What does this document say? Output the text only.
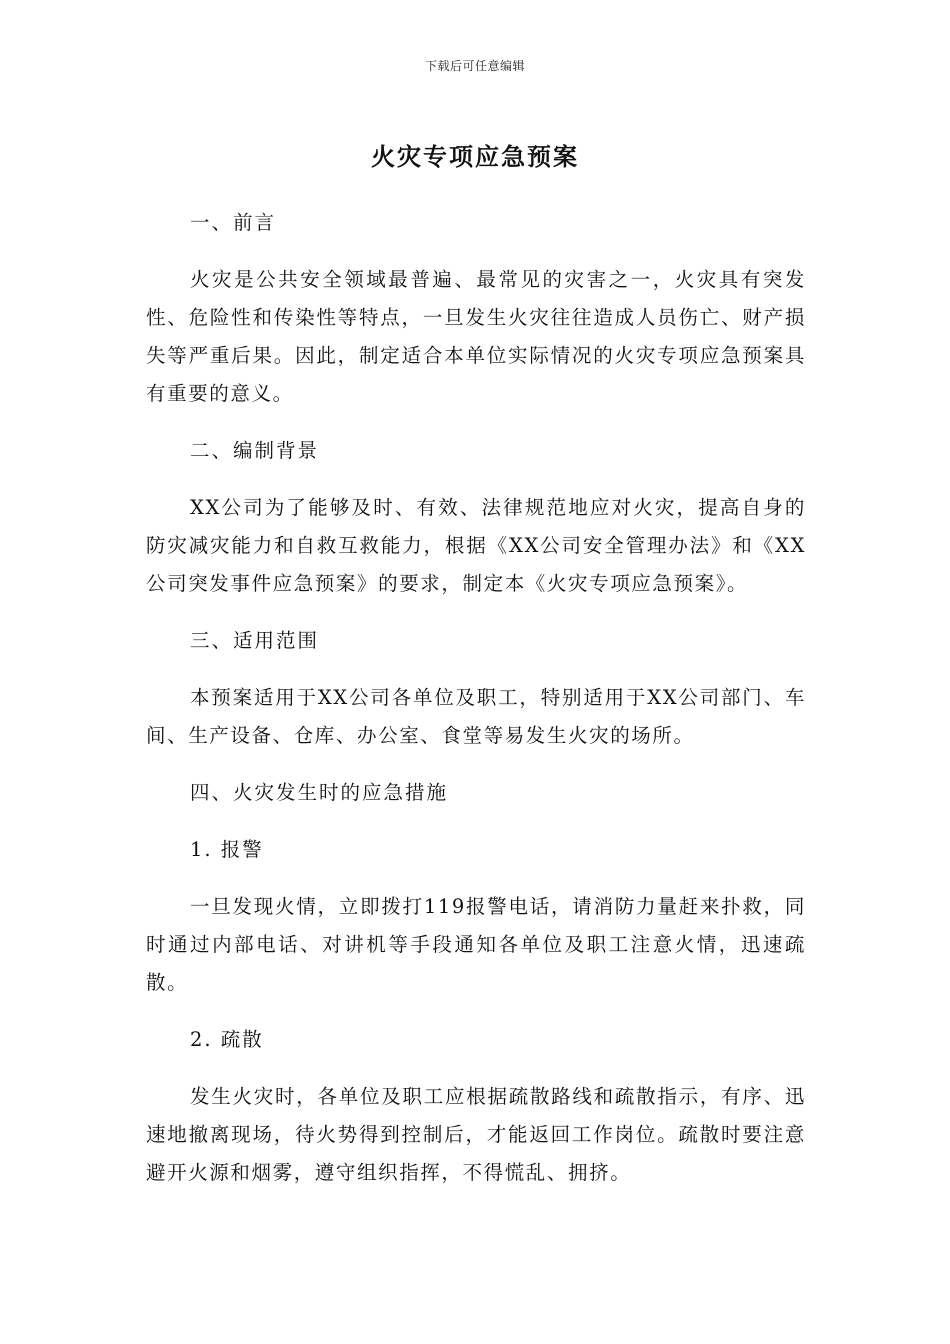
下载后可任意编辑
火灾专项应急预案
一、前言
火灾是公共安全领域最普遍、最常见的灾害之一，火灾具有突发性、危险性和传染性等特点，一旦发生火灾往往造成人员伤亡、财产损失等严重后果。因此，制定适合本单位实际情况的火灾专项应急预案具有重要的意义。
二、编制背景
XX公司为了能够及时、有效、法律规范地应对火灾，提高自身的防灾减灾能力和自救互救能力，根据《XX公司安全管理办法》和《XX公司突发事件应急预案》的要求，制定本《火灾专项应急预案》。
三、适用范围
本预案适用于XX公司各单位及职工，特别适用于XX公司部门、车间、生产设备、仓库、办公室、食堂等易发生火灾的场所。
四、火灾发生时的应急措施
1. 报警
一旦发现火情，立即拨打119报警电话，请消防力量赶来扑救，同时通过内部电话、对讲机等手段通知各单位及职工注意火情，迅速疏散。
2. 疏散
发生火灾时，各单位及职工应根据疏散路线和疏散指示，有序、迅速地撤离现场，待火势得到控制后，才能返回工作岗位。疏散时要注意避开火源和烟雾，遵守组织指挥，不得慌乱、拥挤。
